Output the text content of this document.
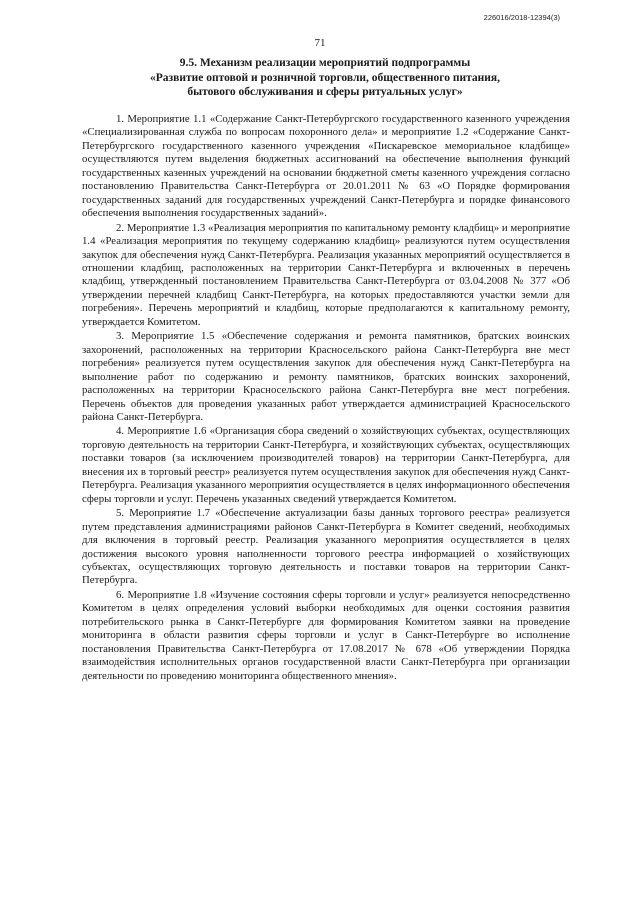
226016/2018-12394(3)
71
9.5. Механизм реализации мероприятий подпрограммы
«Развитие оптовой и розничной торговли, общественного питания,
бытового обслуживания и сферы ритуальных услуг»

1. Мероприятие 1.1 «Содержание Санкт-Петербургского государственного казенного учреждения «Специализированная служба по вопросам похоронного дела» и мероприятие 1.2 «Содержание Санкт-Петербургского государственного казенного учреждения «Пискаревское мемориальное кладбище» осуществляются путем выделения бюджетных ассигнований на обеспечение выполнения функций государственных казенных учреждений на основании бюджетной сметы казенного учреждения согласно постановлению Правительства Санкт-Петербурга от 20.01.2011 № 63 «О Порядке формирования государственных заданий для государственных учреждений Санкт-Петербурга и порядке финансового обеспечения выполнения государственных заданий».

2. Мероприятие 1.3 «Реализация мероприятия по капитальному ремонту кладбищ» и мероприятие 1.4 «Реализация мероприятия по текущему содержанию кладбищ» реализуются путем осуществления закупок для обеспечения нужд Санкт-Петербурга. Реализация указанных мероприятий осуществляется в отношении кладбищ, расположенных на территории Санкт-Петербурга и включенных в перечень кладбищ, утвержденный постановлением Правительства Санкт-Петербурга от 03.04.2008 № 377 «Об утверждении перечней кладбищ Санкт-Петербурга, на которых предоставляются участки земли для погребения». Перечень мероприятий и кладбищ, которые предполагаются к капитальному ремонту, утверждается Комитетом.

3. Мероприятие 1.5 «Обеспечение содержания и ремонта памятников, братских воинских захоронений, расположенных на территории Красносельского района Санкт-Петербурга вне мест погребения» реализуется путем осуществления закупок для обеспечения нужд Санкт-Петербурга на выполнение работ по содержанию и ремонту памятников, братских воинских захоронений, расположенных на территории Красносельского района Санкт-Петербурга вне мест погребения. Перечень объектов для проведения указанных работ утверждается администрацией Красносельского района Санкт-Петербурга.

4. Мероприятие 1.6 «Организация сбора сведений о хозяйствующих субъектах, осуществляющих торговую деятельность на территории Санкт-Петербурга, и хозяйствующих субъектах, осуществляющих поставки товаров (за исключением производителей товаров) на территории Санкт-Петербурга, для внесения их в торговый реестр» реализуется путем осуществления закупок для обеспечения нужд Санкт-Петербурга. Реализация указанного мероприятия осуществляется в целях информационного обеспечения сферы торговли и услуг. Перечень указанных сведений утверждается Комитетом.

5. Мероприятие 1.7 «Обеспечение актуализации базы данных торгового реестра» реализуется путем представления администрациями районов Санкт-Петербурга в Комитет сведений, необходимых для включения в торговый реестр. Реализация указанного мероприятия осуществляется в целях достижения высокого уровня наполненности торгового реестра информацией о хозяйствующих субъектах, осуществляющих торговую деятельность и поставки товаров на территории Санкт-Петербурга.

6. Мероприятие 1.8 «Изучение состояния сферы торговли и услуг» реализуется непосредственно Комитетом в целях определения условий выборки необходимых для оценки состояния развития потребительского рынка в Санкт-Петербурге для формирования Комитетом заявки на проведение мониторинга в области развития сферы торговли и услуг в Санкт-Петербурге во исполнение постановления Правительства Санкт-Петербурга от 17.08.2017 № 678 «Об утверждении Порядка взаимодействия исполнительных органов государственной власти Санкт-Петербурга при организации деятельности по проведению мониторинга общественного мнения».
